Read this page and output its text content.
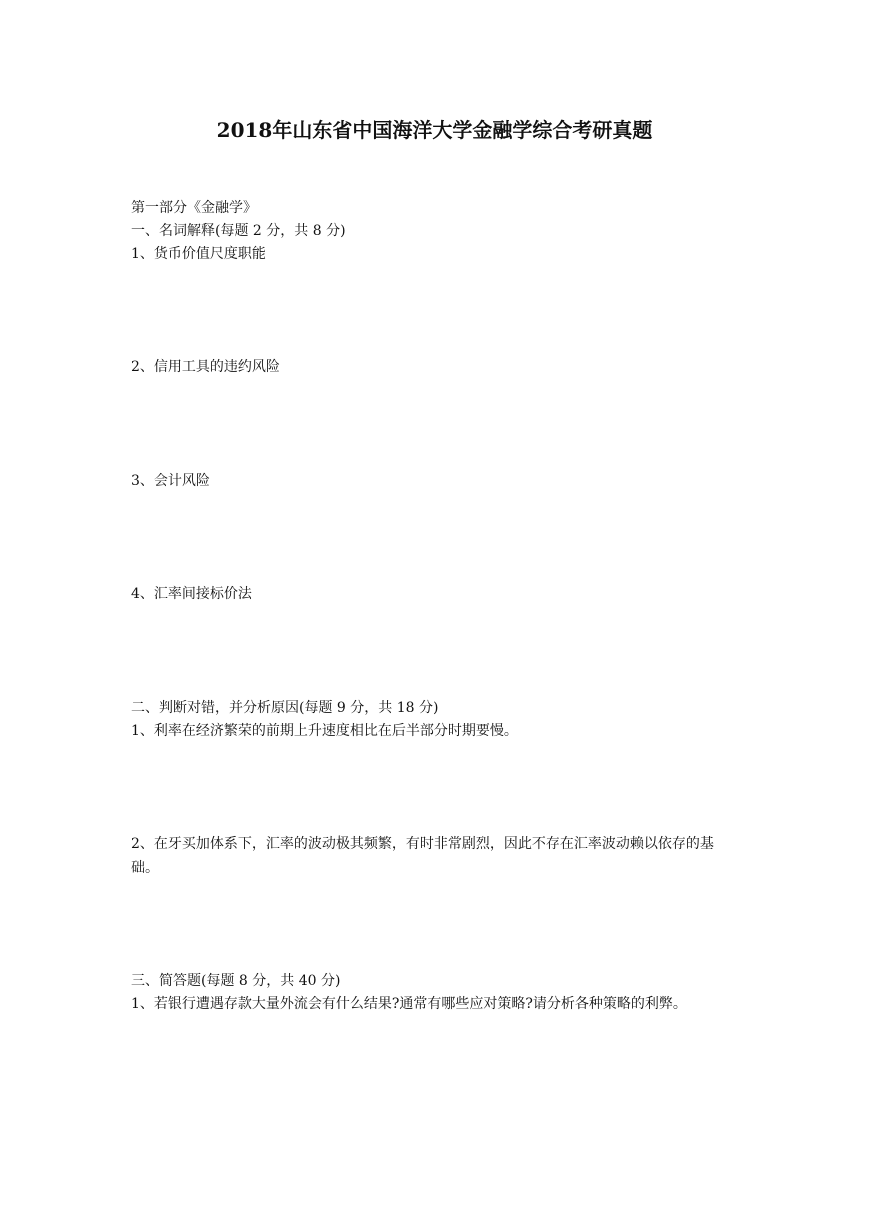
2018年山东省中国海洋大学金融学综合考研真题
第一部分《金融学》
一、名词解释(每题 2 分，共 8 分)
1、货币价值尺度职能
2、信用工具的违约风险
3、会计风险
4、汇率间接标价法
二、判断对错，并分析原因(每题 9 分，共 18 分)
1、利率在经济繁荣的前期上升速度相比在后半部分时期要慢。
2、在牙买加体系下，汇率的波动极其频繁，有时非常剧烈，因此不存在汇率波动赖以依存的基础。
三、简答题(每题 8 分，共 40 分)
1、若银行遭遇存款大量外流会有什么结果?通常有哪些应对策略?请分析各种策略的利弊。
